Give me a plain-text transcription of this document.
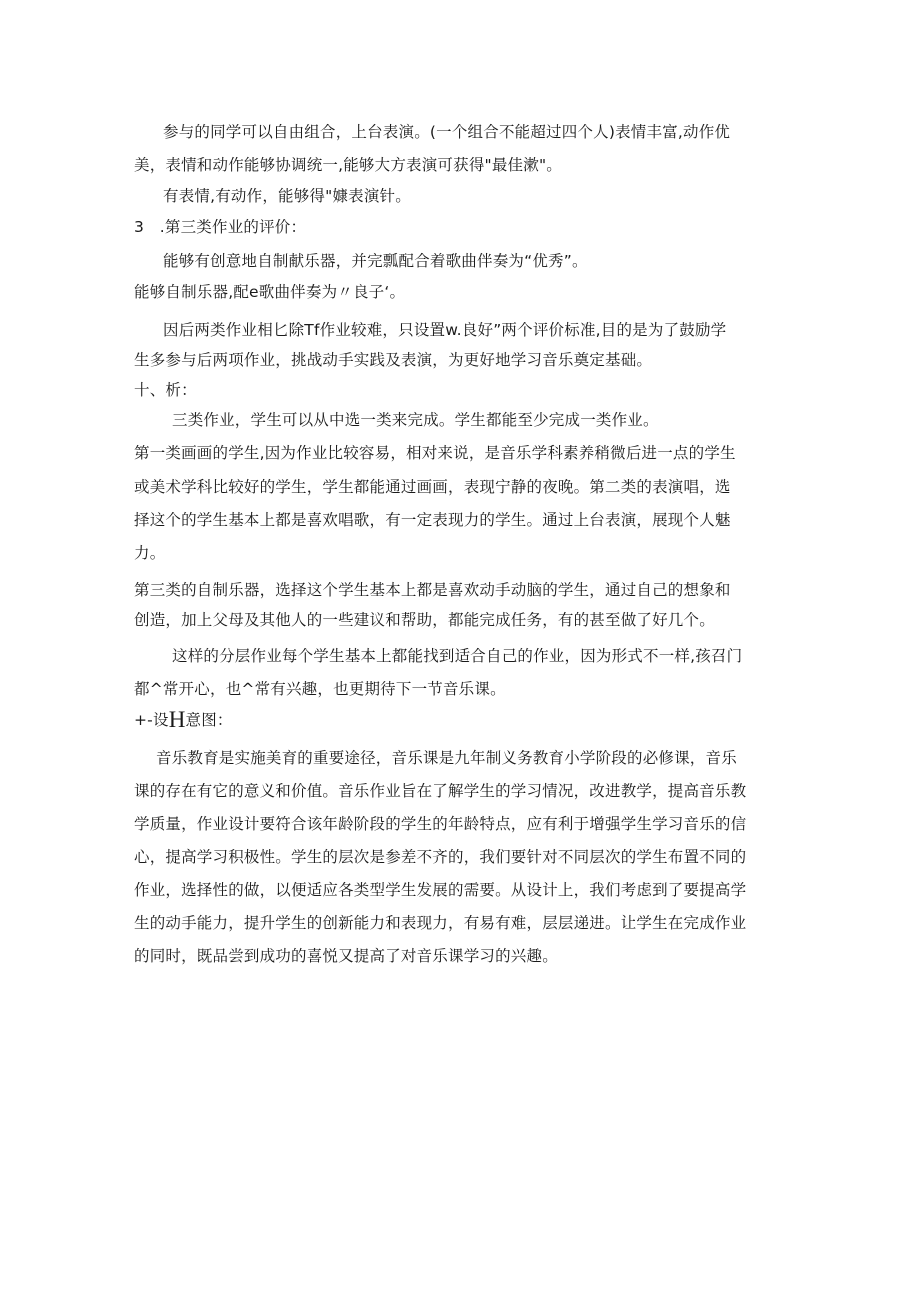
参与的同学可以自由组合，上台表演。(一个组合不能超过四个人)表情丰富,动作优
美，表情和动作能够协调统一,能够大方表演可获得"最佳漱"。
有表情,有动作，能够得"嫝表演针。
3　.第三类作业的评价：
能够有创意地自制献乐器，并完瓢配合着歌曲伴奏为“优秀”。
能够自制乐器,配e歌曲伴奏为〃良子‘。
因后两类作业相匕除Tf作业较难，只设置w.良好”两个评价标准,目的是为了鼓励学
生多参与后两项作业，挑战动手实践及表演，为更好地学习音乐奠定基础。
十、析：
三类作业，学生可以从中选一类来完成。学生都能至少完成一类作业。
第一类画画的学生,因为作业比较容易，相对来说，是音乐学科素养稍微后进一点的学生
或美术学科比较好的学生，学生都能通过画画，表现宁静的夜晚。第二类的表演唱，选
择这个的学生基本上都是喜欢唱歌，有一定表现力的学生。通过上台表演，展现个人魅
力。
第三类的自制乐器，选择这个学生基本上都是喜欢动手动脑的学生，通过自己的想象和
创造，加上父母及其他人的一些建议和帮助，都能完成任务，有的甚至做了好几个。
这样的分层作业每个学生基本上都能找到适合自己的作业，因为形式不一样,孩召门
都^常开心，也^常有兴趣，也更期待下一节音乐课。
+-设H意图：
音乐教育是实施美育的重要途径，音乐课是九年制义务教育小学阶段的必修课，音乐
课的存在有它的意义和价值。音乐作业旨在了解学生的学习情况，改进教学，提高音乐教
学质量，作业设计要符合该年龄阶段的学生的年龄特点，应有利于增强学生学习音乐的信
心，提高学习积极性。学生的层次是参差不齐的，我们要针对不同层次的学生布置不同的
作业，选择性的做，以便适应各类型学生发展的需要。从设计上，我们考虑到了要提高学
生的动手能力，提升学生的创新能力和表现力，有易有难，层层递进。让学生在完成作业
的同时，既品尝到成功的喜悦又提高了对音乐课学习的兴趣。
